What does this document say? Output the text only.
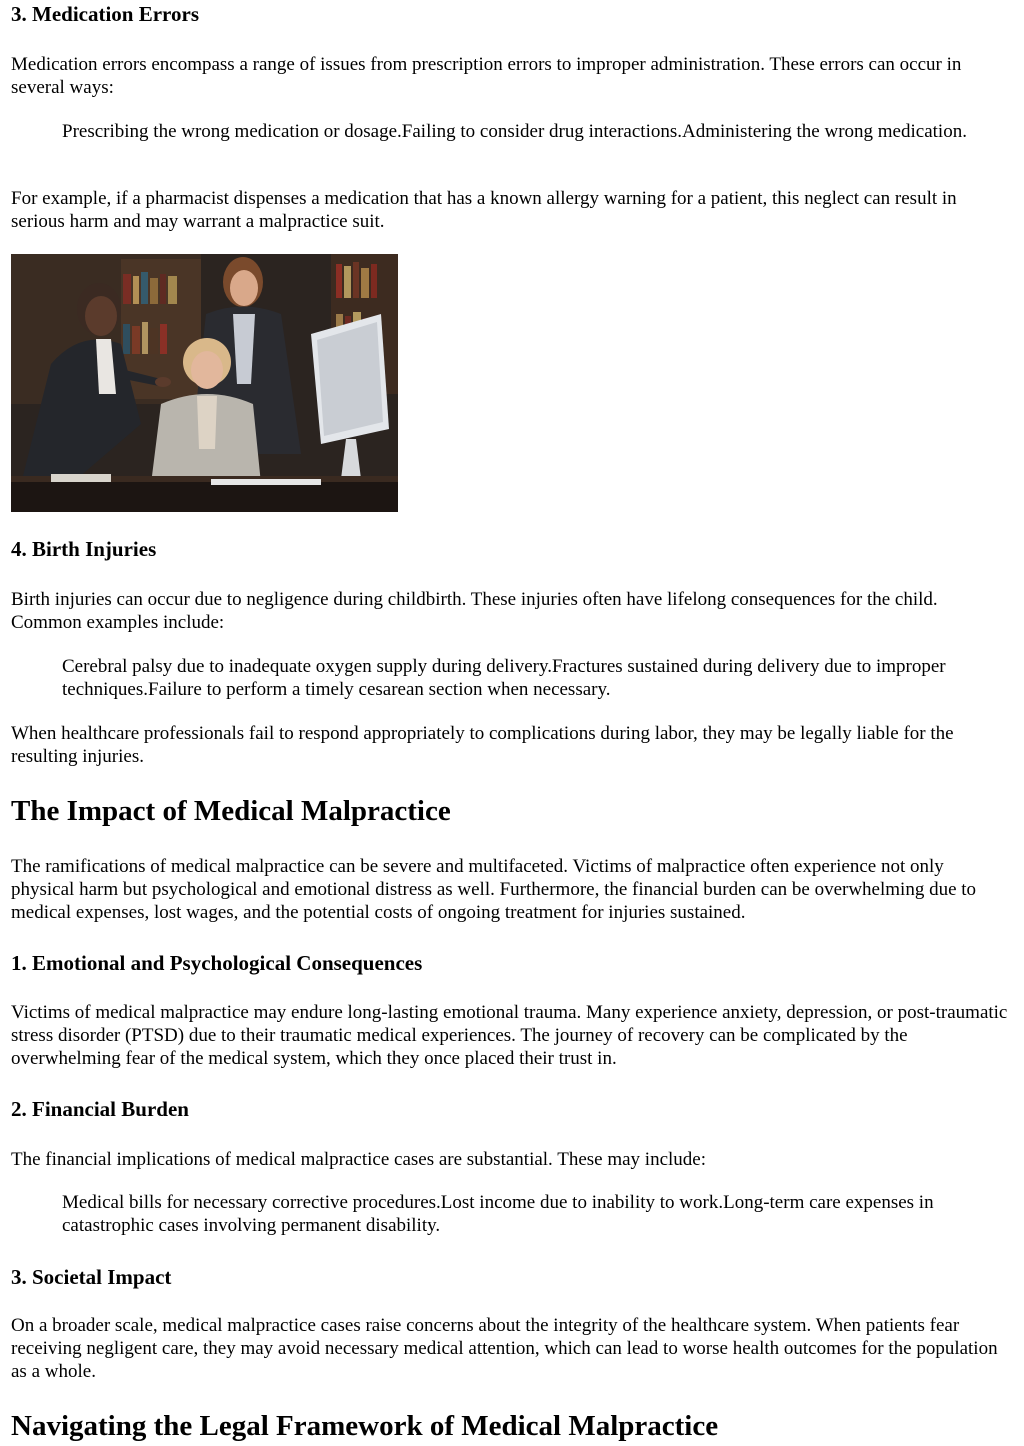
3. Medication Errors

Medication errors encompass a range of issues from prescription errors to improper administration. These errors can occur in several ways:

Prescribing the wrong medication or dosage.Failing to consider drug interactions.Administering the wrong medication.

For example, if a pharmacist dispenses a medication that has a known allergy warning for a patient, this neglect can result in serious harm and may warrant a malpractice suit.

4. Birth Injuries

Birth injuries can occur due to negligence during childbirth. These injuries often have lifelong consequences for the child. Common examples include:

Cerebral palsy due to inadequate oxygen supply during delivery.Fractures sustained during delivery due to improper techniques.Failure to perform a timely cesarean section when necessary.

When healthcare professionals fail to respond appropriately to complications during labor, they may be legally liable for the resulting injuries.

The Impact of Medical Malpractice

The ramifications of medical malpractice can be severe and multifaceted. Victims of malpractice often experience not only physical harm but psychological and emotional distress as well. Furthermore, the financial burden can be overwhelming due to medical expenses, lost wages, and the potential costs of ongoing treatment for injuries sustained.

1. Emotional and Psychological Consequences

Victims of medical malpractice may endure long-lasting emotional trauma. Many experience anxiety, depression, or post-traumatic stress disorder (PTSD) due to their traumatic medical experiences. The journey of recovery can be complicated by the overwhelming fear of the medical system, which they once placed their trust in.

2. Financial Burden

The financial implications of medical malpractice cases are substantial. These may include:

Medical bills for necessary corrective procedures.Lost income due to inability to work.Long-term care expenses in catastrophic cases involving permanent disability.
3. Societal Impact

On a broader scale, medical malpractice cases raise concerns about the integrity of the healthcare system. When patients fear receiving negligent care, they may avoid necessary medical attention, which can lead to worse health outcomes for the population as a whole.

Navigating the Legal Framework of Medical Malpractice
